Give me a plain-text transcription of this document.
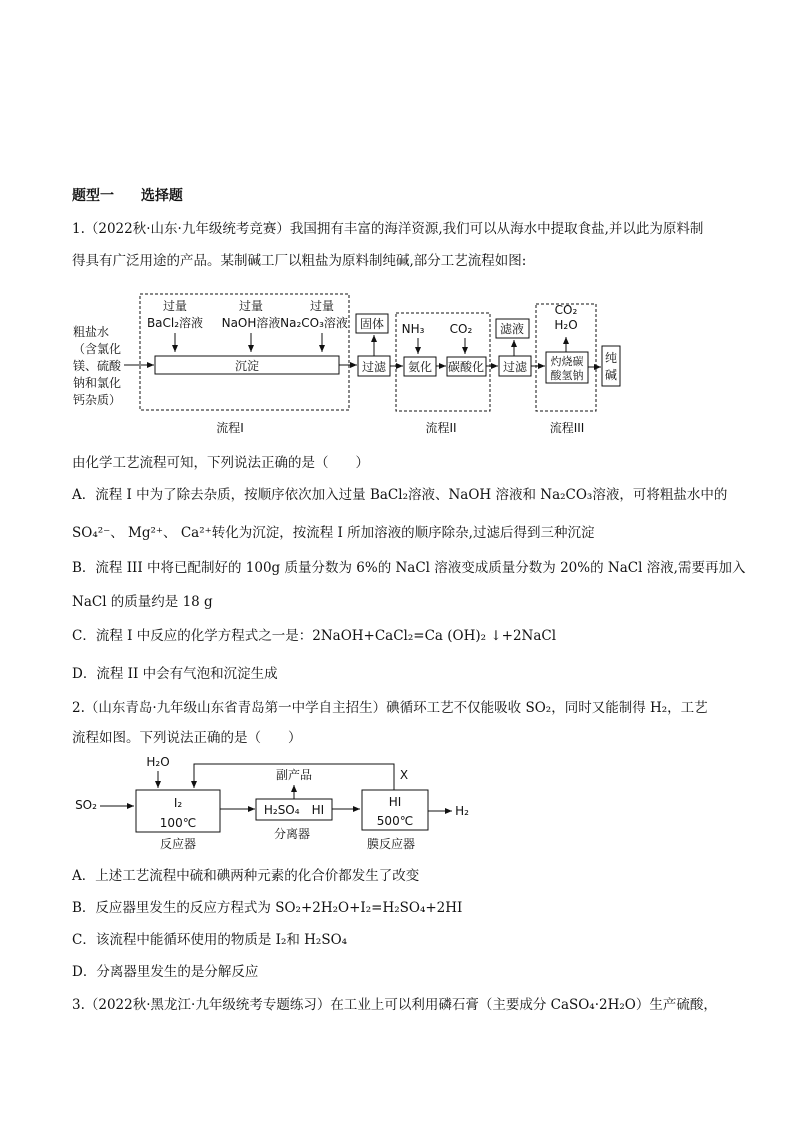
题型一 选择题
1.（2022秋·山东·九年级统考竞赛）我国拥有丰富的海洋资源,我们可以从海水中提取食盐,并以此为原料制
得具有广泛用途的产品。某制碱工厂以粗盐为原料制纯碱,部分工艺流程如图:
粗盐水
（含氯化
镁、硫酸
钠和氯化
钙杂质）
过量
BaCl₂溶液
过量
NaOH溶液
过量
Na₂CO₃溶液
沉淀	过滤
固体 NH₃ CO₂
氨化 碳酸化 过滤
滤液
CO₂
H₂O
灼烧碳
酸氢钠
纯
碱
流程I	流程II	流程III
由化学工艺流程可知，下列说法正确的是（　　）
A．流程 I 中为了除去杂质，按顺序依次加入过量 BaCl₂溶液、NaOH 溶液和 Na₂CO₃溶液，可将粗盐水中的
SO₄²⁻、 Mg²⁺、 Ca²⁺转化为沉淀，按流程 I 所加溶液的顺序除杂,过滤后得到三种沉淀
B．流程 III 中将已配制好的 100g 质量分数为 6%的 NaCl 溶液变成质量分数为 20%的 NaCl 溶液,需要再加入
NaCl 的质量约是 18 g
C．流程 I 中反应的化学方程式之一是：2NaOH+CaCl₂=Ca (OH)₂ ↓+2NaCl
D．流程 II 中会有气泡和沉淀生成
2.（山东青岛·九年级山东省青岛第一中学自主招生）碘循环工艺不仅能吸收 SO₂，同时又能制得 H₂，工艺
流程如图。下列说法正确的是（　　）
H₂O
SO₂	I₂
100℃
反应器
H₂SO₄　HI
分离器
副产品
HI
500℃
膜反应器
H₂
X
A．上述工艺流程中硫和碘两种元素的化合价都发生了改变
B．反应器里发生的反应方程式为 SO₂+2H₂O+I₂=H₂SO₄+2HI
C．该流程中能循环使用的物质是 I₂和 H₂SO₄
D．分离器里发生的是分解反应
3.（2022秋·黑龙江·九年级统考专题练习）在工业上可以利用磷石膏（主要成分 CaSO₄·2H₂O）生产硫酸，
